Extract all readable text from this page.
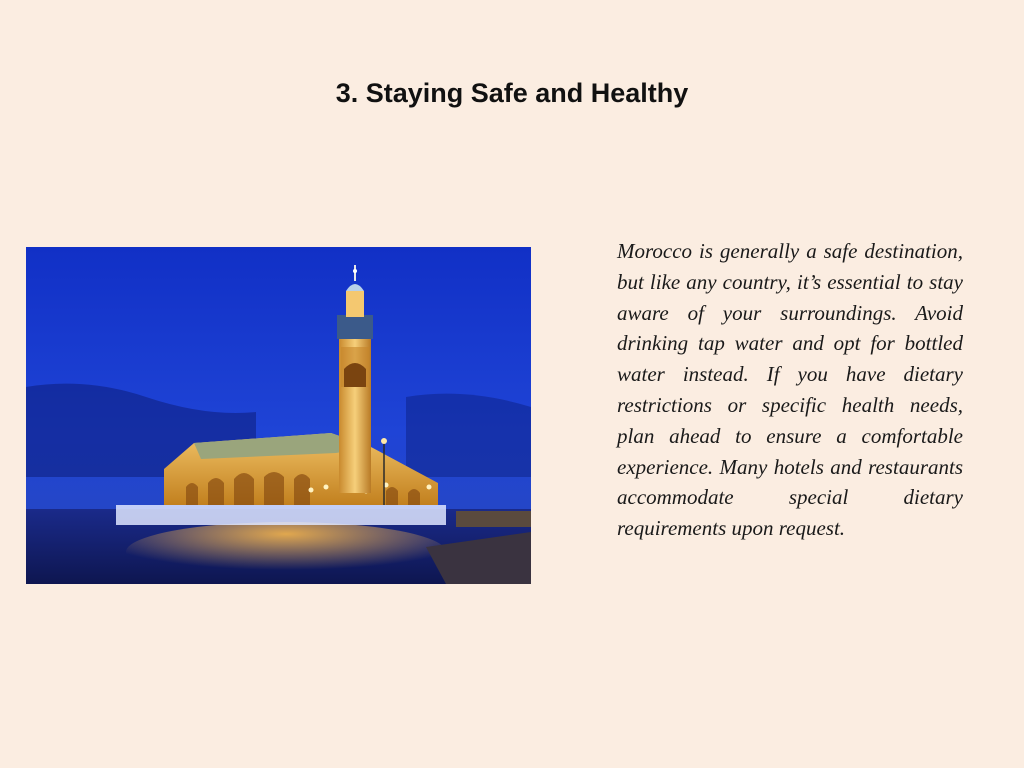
3. Staying Safe and Healthy

Morocco is generally a safe destination, but like any country, it’s essential to stay aware of your surroundings. Avoid drinking tap water and opt for bottled water instead. If you have dietary restrictions or specific health needs, plan ahead to ensure a comfortable experience. Many hotels and restaurants accommodate special dietary requirements upon request.
